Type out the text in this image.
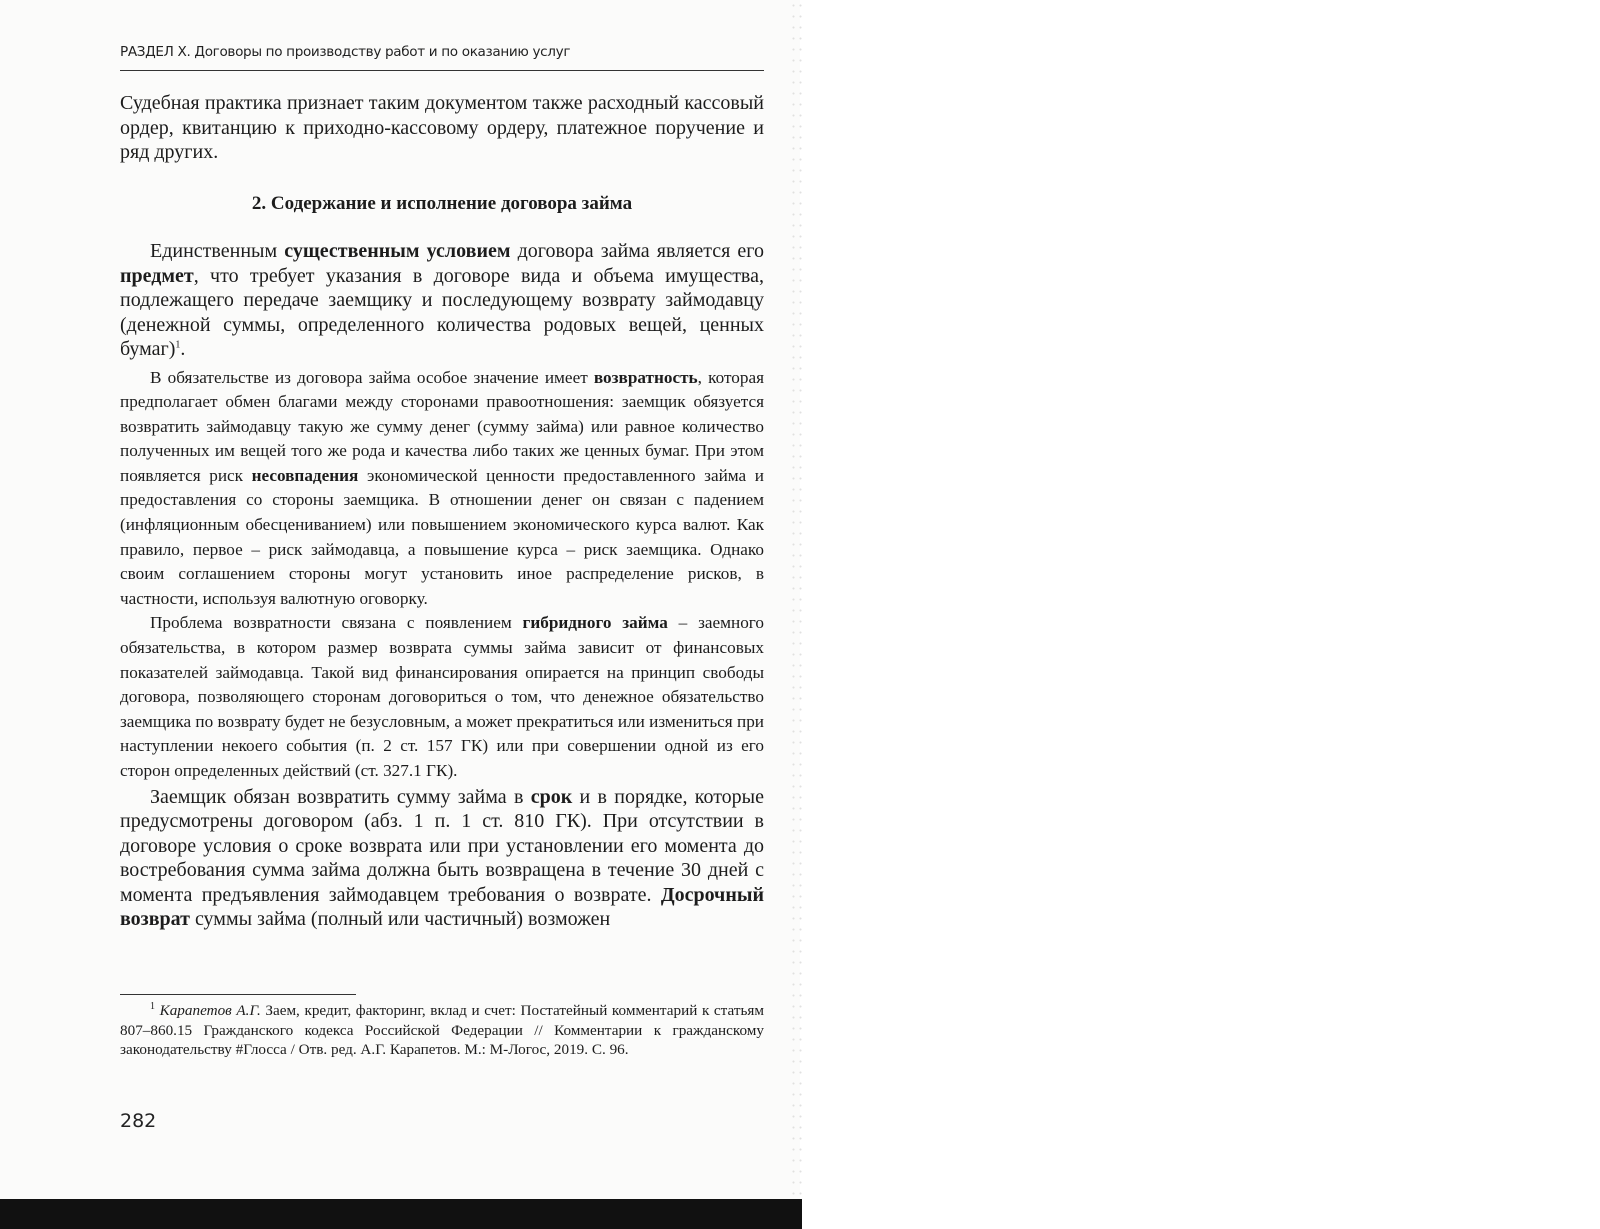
РАЗДЕЛ X. Договоры по производству работ и по оказанию услуг

Судебная практика признает таким документом также расходный кассовый ордер, квитанцию к приходно-кассовому ордеру, платежное поручение и ряд других.

2. Содержание и исполнение договора займа

Единственным существенным условием договора займа является его предмет, что требует указания в договоре вида и объема имущества, подлежащего передаче заемщику и последующему возврату займодавцу (денежной суммы, определенного количества родовых вещей, ценных бумаг)$^1$.

В обязательстве из договора займа особое значение имеет возвратность, которая предполагает обмен благами между сторонами правоотношения: заемщик обязуется возвратить займодавцу такую же сумму денег (сумму займа) или равное количество полученных им вещей того же рода и качества либо таких же ценных бумаг. При этом появляется риск несовпадения экономической ценности предоставленного займа и предоставления со стороны заемщика. В отношении денег он связан с падением (инфляционным обесцениванием) или повышением экономического курса валют. Как правило, первое – риск займодавца, а повышение курса – риск заемщика. Однако своим соглашением стороны могут установить иное распределение рисков, в частности, используя валютную оговорку.

Проблема возвратности связана с появлением гибридного займа – заемного обязательства, в котором размер возврата суммы займа зависит от финансовых показателей займодавца. Такой вид финансирования опирается на принцип свободы договора, позволяющего сторонам договориться о том, что денежное обязательство заемщика по возврату будет не безусловным, а может прекратиться или измениться при наступлении некоего события (п. 2 ст. 157 ГК) или при совершении одной из его сторон определенных действий (ст. 327.1 ГК).

Заемщик обязан возвратить сумму займа в срок и в порядке, которые предусмотрены договором (абз. 1 п. 1 ст. 810 ГК). При отсутствии в договоре условия о сроке возврата или при установлении его момента до востребования сумма займа должна быть возвращена в течение 30 дней с момента предъявления займодавцем требования о возврате. Досрочный возврат суммы займа (полный или частичный) возможен

$^1$ Карапетов А.Г. Заем, кредит, факторинг, вклад и счет: Постатейный комментарий к статьям 807–860.15 Гражданского кодекса Российской Федерации // Комментарии к гражданскому законодательству #Глосса / Отв. ред. А.Г. Карапетов. М.: М-Логос, 2019. С. 96.

282
